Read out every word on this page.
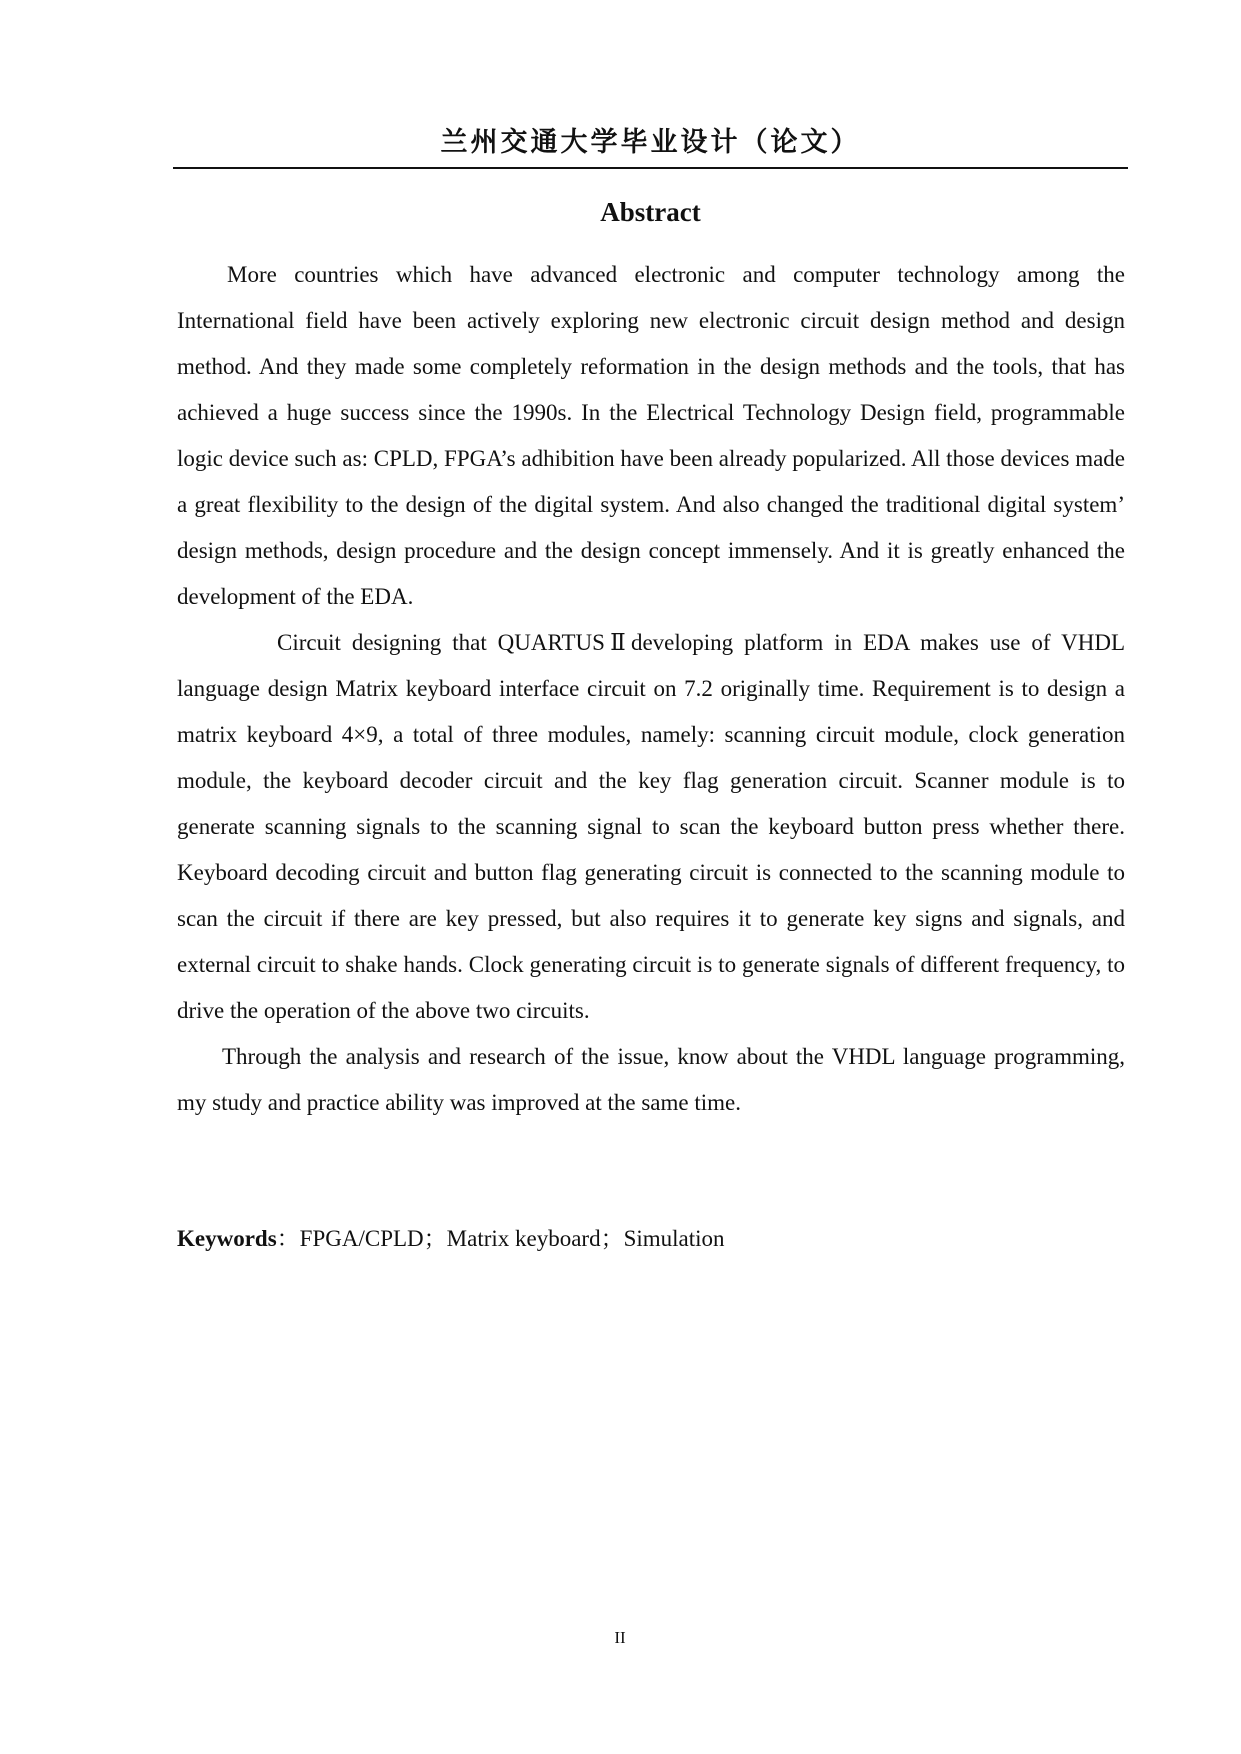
兰州交通大学毕业设计（论文）
Abstract

More countries which have advanced electronic and computer technology among the International field have been actively exploring new electronic circuit design method and design method. And they made some completely reformation in the design methods and the tools, that has achieved a huge success since the 1990s. In the Electrical Technology Design field, programmable logic device such as: CPLD, FPGA’s adhibition have been already popularized. All those devices made a great flexibility to the design of the digital system. And also changed the traditional digital system’ design methods, design procedure and the design concept immensely. And it is greatly enhanced the development of the EDA.

Circuit designing that QUARTUSⅡdeveloping platform in EDA makes use of VHDL language design Matrix keyboard interface circuit on 7.2 originally time. Requirement is to design a matrix keyboard 4×9, a total of three modules, namely: scanning circuit module, clock generation module, the keyboard decoder circuit and the key flag generation circuit. Scanner module is to generate scanning signals to the scanning signal to scan the keyboard button press whether there. Keyboard decoding circuit and button flag generating circuit is connected to the scanning module to scan the circuit if there are key pressed, but also requires it to generate key signs and signals, and external circuit to shake hands. Clock generating circuit is to generate signals of different frequency, to drive the operation of the above two circuits.

Through the analysis and research of the issue, know about the VHDL language programming, my study and practice ability was improved at the same time.

Keywords：FPGA/CPLD；Matrix keyboard；Simulation
II
